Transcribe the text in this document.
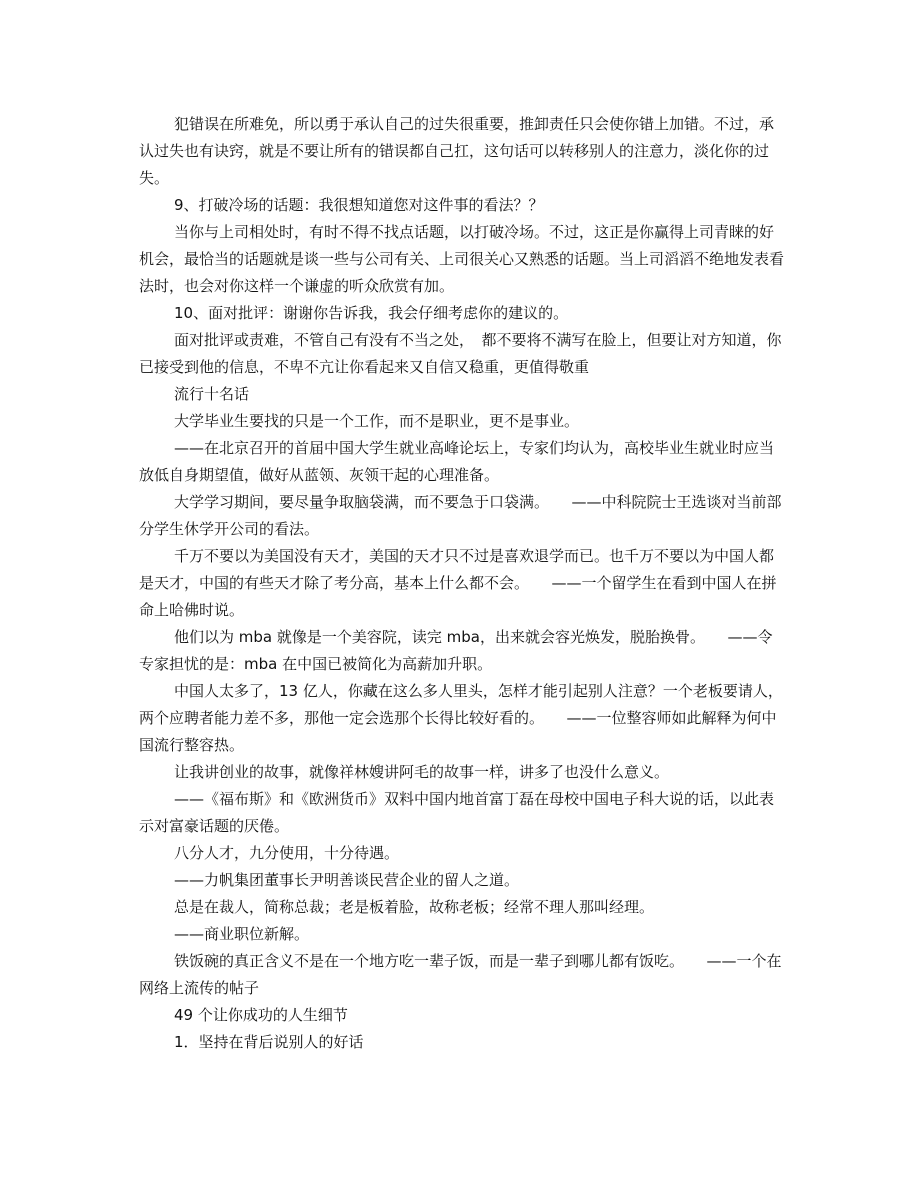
犯错误在所难免，所以勇于承认自己的过失很重要，推卸责任只会使你错上加错。不过，承认过失也有诀窍，就是不要让所有的错误都自己扛，这句话可以转移别人的注意力，淡化你的过失。

9、打破冷场的话题：我很想知道您对这件事的看法？？

当你与上司相处时，有时不得不找点话题，以打破冷场。不过，这正是你赢得上司青睐的好机会，最恰当的话题就是谈一些与公司有关、上司很关心又熟悉的话题。当上司滔滔不绝地发表看法时，也会对你这样一个谦虚的听众欣赏有加。

10、面对批评：谢谢你告诉我，我会仔细考虑你的建议的。

面对批评或责难，不管自己有没有不当之处，　都不要将不满写在脸上，但要让对方知道，你已接受到他的信息，不卑不亢让你看起来又自信又稳重，更值得敬重

流行十名话

大学毕业生要找的只是一个工作，而不是职业，更不是事业。

——在北京召开的首届中国大学生就业高峰论坛上，专家们均认为，高校毕业生就业时应当放低自身期望值，做好从蓝领、灰领干起的心理准备。

大学学习期间，要尽量争取脑袋满，而不要急于口袋满。　　——中科院院士王选谈对当前部分学生休学开公司的看法。

千万不要以为美国没有天才，美国的天才只不过是喜欢退学而已。也千万不要以为中国人都是天才，中国的有些天才除了考分高，基本上什么都不会。　　——一个留学生在看到中国人在拼命上哈佛时说。

他们以为 mba 就像是一个美容院，读完 mba，出来就会容光焕发，脱胎换骨。　　——令专家担忧的是：mba 在中国已被简化为高薪加升职。

中国人太多了，13 亿人，你藏在这么多人里头，怎样才能引起别人注意？一个老板要请人，两个应聘者能力差不多，那他一定会选那个长得比较好看的。　　——一位整容师如此解释为何中国流行整容热。

让我讲创业的故事，就像祥林嫂讲阿毛的故事一样，讲多了也没什么意义。

——《福布斯》和《欧洲货币》双料中国内地首富丁磊在母校中国电子科大说的话，以此表示对富豪话题的厌倦。

八分人才，九分使用，十分待遇。

——力帆集团董事长尹明善谈民营企业的留人之道。

总是在裁人，简称总裁；老是板着脸，故称老板；经常不理人那叫经理。

——商业职位新解。

铁饭碗的真正含义不是在一个地方吃一辈子饭，而是一辈子到哪儿都有饭吃。　　——一个在网络上流传的帖子

49 个让你成功的人生细节

1．坚持在背后说别人的好话
